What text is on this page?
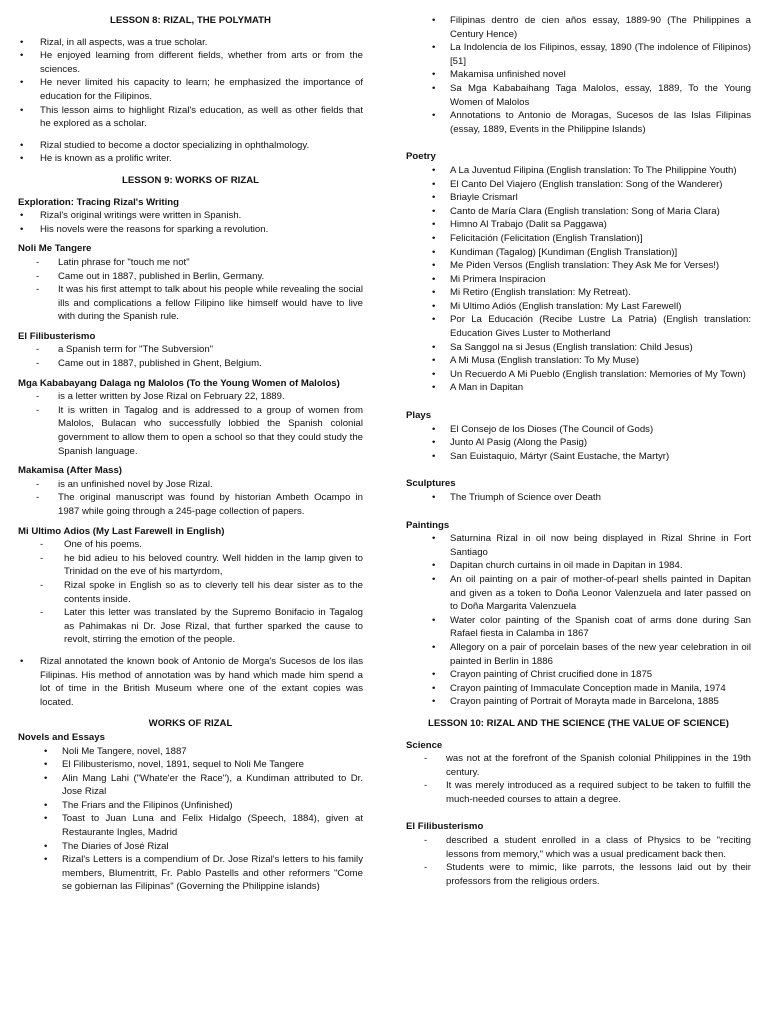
LESSON 8: RIZAL, THE POLYMATH
• Rizal, in all aspects, was a true scholar.
• He enjoyed learning from different fields, whether from arts or from the sciences.
• He never limited his capacity to learn; he emphasized the importance of education for the Filipinos.
• This lesson aims to highlight Rizal's education, as well as other fields that he explored as a scholar.
• Rizal studied to become a doctor specializing in ophthalmology.
• He is known as a prolific writer.
LESSON 9: WORKS OF RIZAL
Exploration: Tracing Rizal's Writing
• Rizal's original writings were written in Spanish.
• His novels were the reasons for sparking a revolution.
Noli Me Tangere
- Latin phrase for "touch me not"
- Came out in 1887, published in Berlin, Germany.
- It was his first attempt to talk about his people while revealing the social ills and complications a fellow Filipino like himself would have to live with during the Spanish rule.
El Filibusterismo
- a Spanish term for "The Subversion"
- Came out in 1887, published in Ghent, Belgium.
Mga Kababayang Dalaga ng Malolos (To the Young Women of Malolos)
- is a letter written by Jose Rizal on February 22, 1889.
- It is written in Tagalog and is addressed to a group of women from Malolos, Bulacan who successfully lobbied the Spanish colonial government to allow them to open a school so that they could study the Spanish language.
Makamisa (After Mass)
- is an unfinished novel by Jose Rizal.
- The original manuscript was found by historian Ambeth Ocampo in 1987 while going through a 245-page collection of papers.
Mi Ultimo Adios (My Last Farewell in English)
- One of his poems.
- he bid adieu to his beloved country. Well hidden in the lamp given to Trinidad on the eve of his martyrdom,
- Rizal spoke in English so as to cleverly tell his dear sister as to the contents inside.
- Later this letter was translated by the Supremo Bonifacio in Tagalog as Pahimakas ni Dr. Jose Rizal, that further sparked the cause to revolt, stirring the emotion of the people.
• Rizal annotated the known book of Antonio de Morga's Sucesos de los ilas Filipinas. His method of annotation was by hand which made him spend a lot of time in the British Museum where one of the extant copies was located.
WORKS OF RIZAL
Novels and Essays
• Noli Me Tangere, novel, 1887
• El Filibusterismo, novel, 1891, sequel to Noli Me Tangere
• Alin Mang Lahi ("Whate'er the Race"), a Kundiman attributed to Dr. Jose Rizal
• The Friars and the Filipinos (Unfinished)
• Toast to Juan Luna and Felix Hidalgo (Speech, 1884), given at Restaurante Ingles, Madrid
• The Diaries of José Rizal
• Rizal's Letters is a compendium of Dr. Jose Rizal's letters to his family members, Blumentritt, Fr. Pablo Pastells and other reformers "Come se gobiernan las Filipinas" (Governing the Philippine islands)
• Filipinas dentro de cien años essay, 1889-90 (The Philippines a Century Hence)
• La Indolencia de los Filipinos, essay, 1890 (The indolence of Filipinos) [51]
• Makamisa unfinished novel
• Sa Mga Kababaihang Taga Malolos, essay, 1889, To the Young Women of Malolos
• Annotations to Antonio de Moragas, Sucesos de las Islas Filipinas (essay, 1889, Events in the Philippine Islands)
Poetry
• A La Juventud Filipina (English translation: To The Philippine Youth)
• El Canto Del Viajero (English translation: Song of the Wanderer)
• Briayle Crismarl
• Canto de María Clara (English translation: Song of Maria Clara)
• Himno Al Trabajo (Dalit sa Paggawa)
• Felicitación (Felicitation (English Translation)]
• Kundiman (Tagalog) [Kundiman (English Translation)]
• Me Piden Versos (English translation: They Ask Me for Verses!)
• Mi Primera Inspiracion
• Mi Retiro (English translation: My Retreat).
• Mi Ultimo Adiós (English translation: My Last Farewell)
• Por La Educación (Recibe Lustre La Patria) (English translation: Education Gives Luster to Motherland
• Sa Sanggol na si Jesus (English translation: Child Jesus)
• A Mi Musa (English translation: To My Muse)
• Un Recuerdo A Mi Pueblo (English translation: Memories of My Town)
• A Man in Dapitan
Plays
• El Consejo de los Dioses (The Council of Gods)
• Junto Al Pasig (Along the Pasig)
• San Euistaquio, Mártyr (Saint Eustache, the Martyr)
Sculptures
• The Triumph of Science over Death
Paintings
• Saturnina Rizal in oil now being displayed in Rizal Shrine in Fort Santiago
• Dapitan church curtains in oil made in Dapitan in 1984.
• An oil painting on a pair of mother-of-pearl shells painted in Dapitan and given as a token to Doña Leonor Valenzuela and later passed on to Doña Margarita Valenzuela
• Water color painting of the Spanish coat of arms done during San Rafael fiesta in Calamba in 1867
• Allegory on a pair of porcelain bases of the new year celebration in oil painted in Berlin in 1886
• Crayon painting of Christ crucified done in 1875
• Crayon painting of Immaculate Conception made in Manila, 1974
• Crayon painting of Portrait of Morayta made in Barcelona, 1885
LESSON 10: RIZAL AND THE SCIENCE (THE VALUE OF SCIENCE)
Science
- was not at the forefront of the Spanish colonial Philippines in the 19th century.
- It was merely introduced as a required subject to be taken to fulfill the much-needed courses to attain a degree.
El Filibusterismo
- described a student enrolled in a class of Physics to be "reciting lessons from memory," which was a usual predicament back then.
- Students were to mimic, like parrots, the lessons laid out by their professors from the religious orders.
